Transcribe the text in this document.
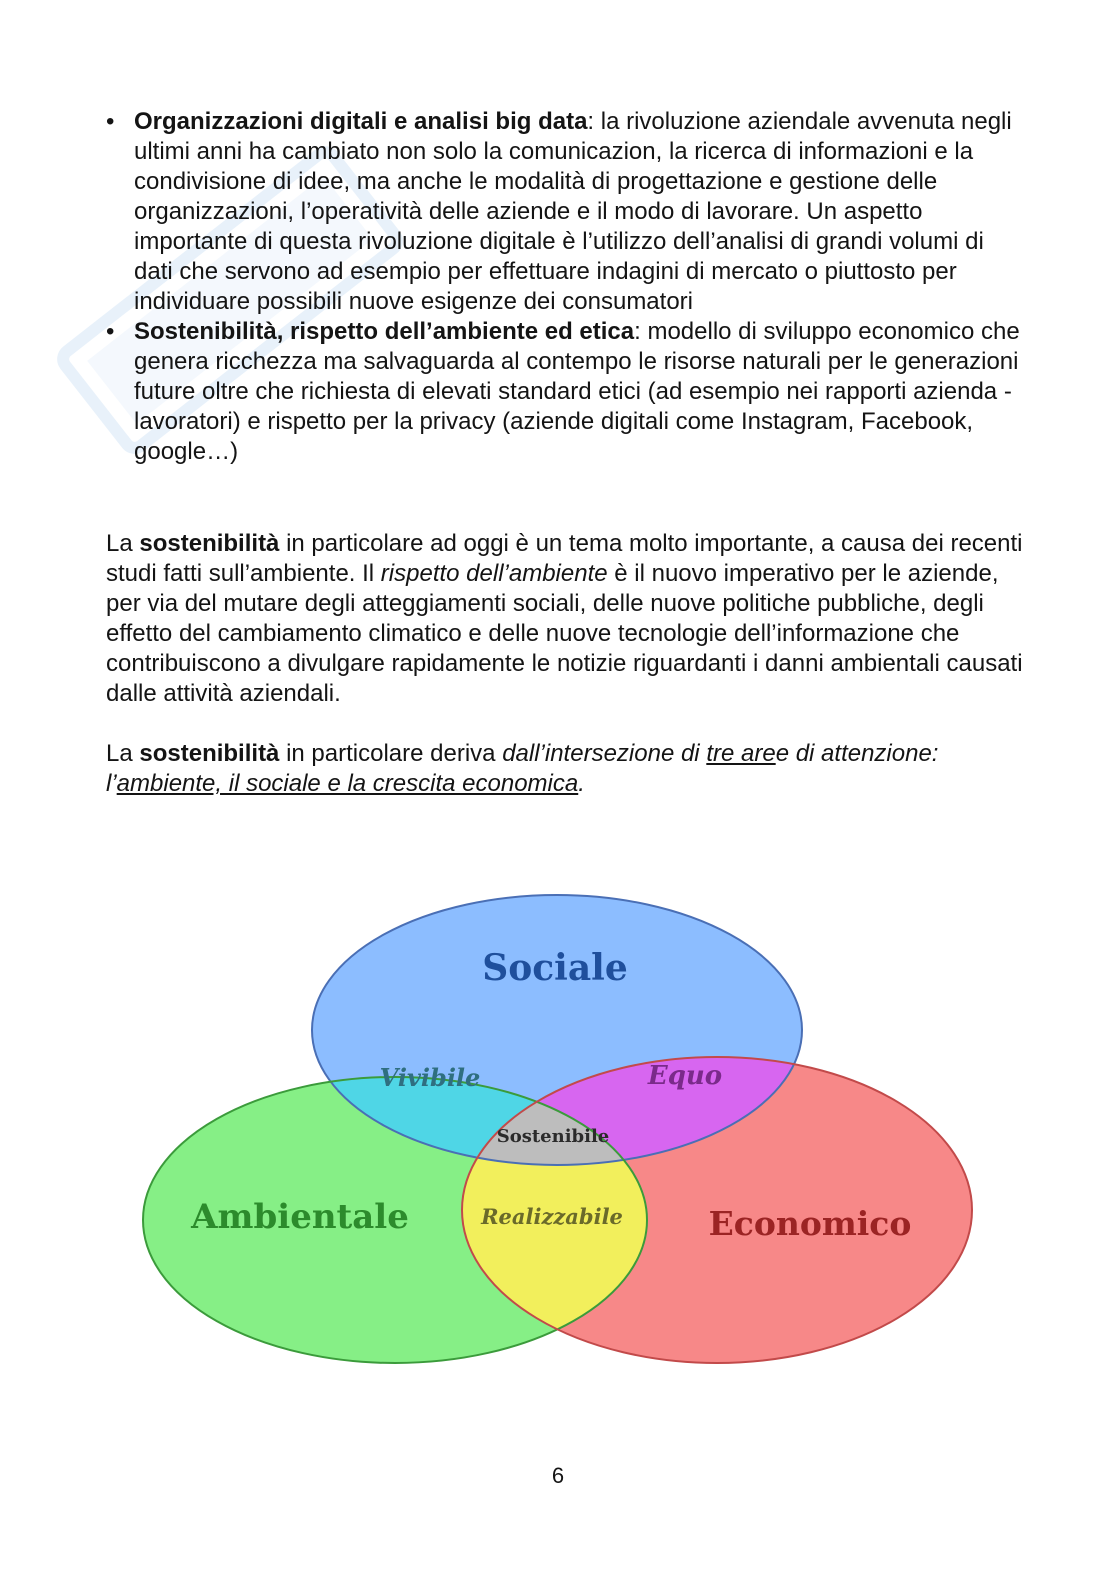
• Organizzazioni digitali e analisi big data: la rivoluzione aziendale avvenuta negli ultimi anni ha cambiato non solo la comunicazion, la ricerca di informazioni e la condivisione di idee, ma anche le modalità di progettazione e gestione delle organizzazioni, l’operatività delle aziende e il modo di lavorare. Un aspetto importante di questa rivoluzione digitale è l’utilizzo dell’analisi di grandi volumi di dati che servono ad esempio per effettuare indagini di mercato o piuttosto per individuare possibili nuove esigenze dei consumatori
• Sostenibilità, rispetto dell’ambiente ed etica: modello di sviluppo economico che genera ricchezza ma salvaguarda al contempo le risorse naturali per le generazioni future oltre che richiesta di elevati standard etici (ad esempio nei rapporti azienda - lavoratori) e rispetto per la privacy (aziende digitali come Instagram, Facebook, google…)

La sostenibilità in particolare ad oggi è un tema molto importante, a causa dei recenti studi fatti sull’ambiente. Il rispetto dell’ambiente è il nuovo imperativo per le aziende, per via del mutare degli atteggiamenti sociali, delle nuove politiche pubbliche, degli effetto del cambiamento climatico e delle nuove tecnologie dell’informazione che contribuiscono a divulgare rapidamente le notizie riguardanti i danni ambientali causati dalle attività aziendali.

La sostenibilità in particolare deriva dall’intersezione di tre aree di attenzione: l’ambiente, il sociale e la crescita economica.

Sociale
Ambientale	Economico
Vivibile	Equo
Realizzabile
Sostenibile
6
